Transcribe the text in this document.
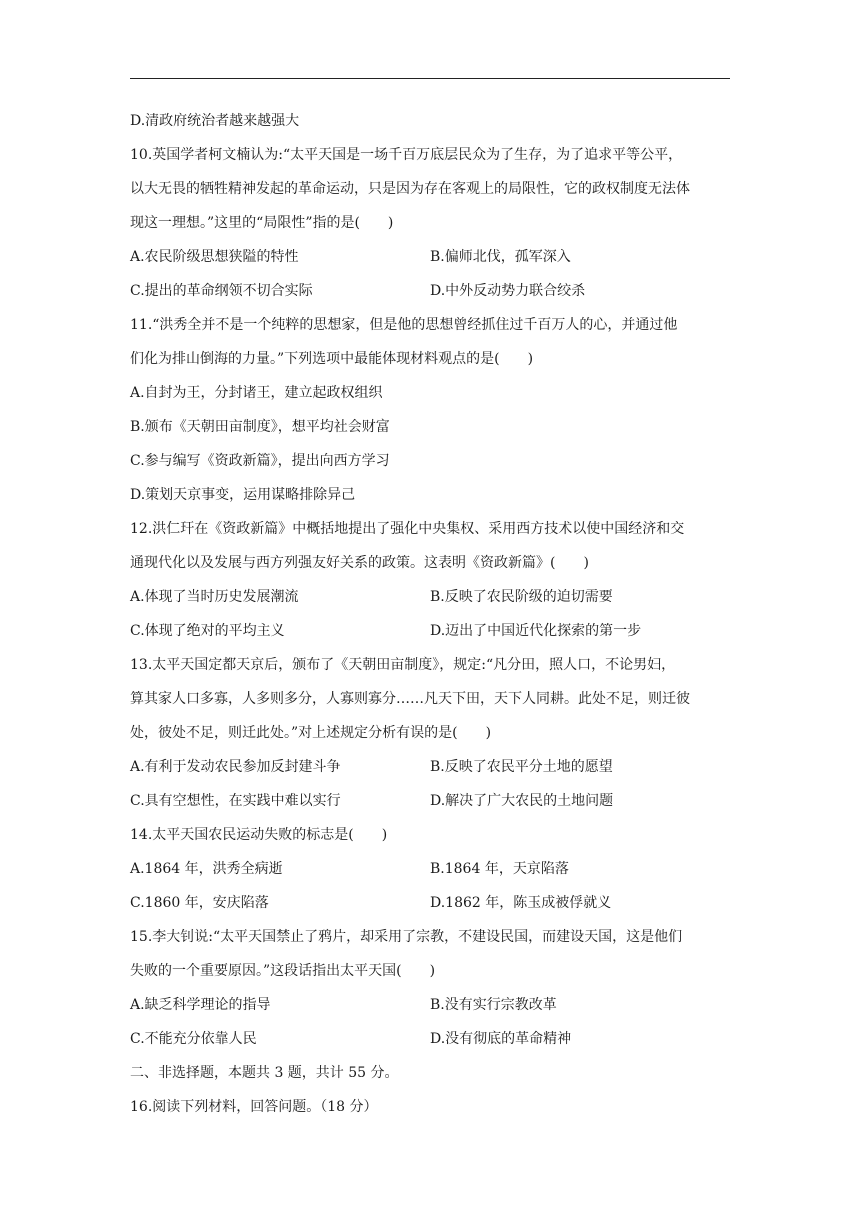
D.清政府统治者越来越强大
10.英国学者柯文楠认为:“太平天国是一场千百万底层民众为了生存，为了追求平等公平，
以大无畏的牺牲精神发起的革命运动，只是因为存在客观上的局限性，它的政权制度无法体
现这一理想。”这里的“局限性”指的是(　　)
A.农民阶级思想狭隘的特性	B.偏师北伐，孤军深入
C.提出的革命纲领不切合实际	D.中外反动势力联合绞杀
11.“洪秀全并不是一个纯粹的思想家，但是他的思想曾经抓住过千百万人的心，并通过他
们化为排山倒海的力量。”下列选项中最能体现材料观点的是(　　)
A.自封为王，分封诸王，建立起政权组织
B.颁布《天朝田亩制度》，想平均社会财富
C.参与编写《资政新篇》，提出向西方学习
D.策划天京事变，运用谋略排除异己
12.洪仁玕在《资政新篇》中概括地提出了强化中央集权、采用西方技术以使中国经济和交
通现代化以及发展与西方列强友好关系的政策。这表明《资政新篇》(　　)
A.体现了当时历史发展潮流	B.反映了农民阶级的迫切需要
C.体现了绝对的平均主义	D.迈出了中国近代化探索的第一步
13.太平天国定都天京后，颁布了《天朝田亩制度》，规定:“凡分田，照人口，不论男妇，
算其家人口多寡，人多则多分，人寡则寡分……凡天下田，天下人同耕。此处不足，则迁彼
处，彼处不足，则迁此处。”对上述规定分析有误的是(　　)
A.有利于发动农民参加反封建斗争	B.反映了农民平分土地的愿望
C.具有空想性，在实践中难以实行	D.解决了广大农民的土地问题
14.太平天国农民运动失败的标志是(　　)
A.1864 年，洪秀全病逝	B.1864 年，天京陷落
C.1860 年，安庆陷落	D.1862 年，陈玉成被俘就义
15.李大钊说:“太平天国禁止了鸦片，却采用了宗教，不建设民国，而建设天国，这是他们
失败的一个重要原因。”这段话指出太平天国(　　)
A.缺乏科学理论的指导	B.没有实行宗教改革
C.不能充分依靠人民	D.没有彻底的革命精神
二、非选择题，本题共 3 题，共计 55 分。
16.阅读下列材料，回答问题。（18 分）
